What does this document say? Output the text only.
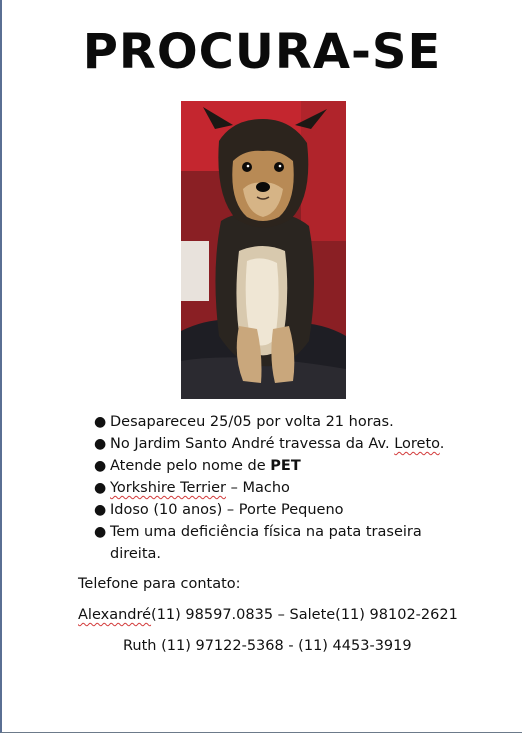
PROCURA-SE
● Desapareceu 25/05 por volta 21 horas.
● No Jardim Santo André travessa da Av. Loreto.
● Atende pelo nome de PET
● Yorkshire Terrier – Macho
● Idoso (10 anos) – Porte Pequeno
● Tem uma deficiência física na pata traseira
direita.
Telefone para contato:
Alexandré(11) 98597.0835 – Salete(11) 98102-2621
Ruth (11) 97122-5368 - (11) 4453-3919
